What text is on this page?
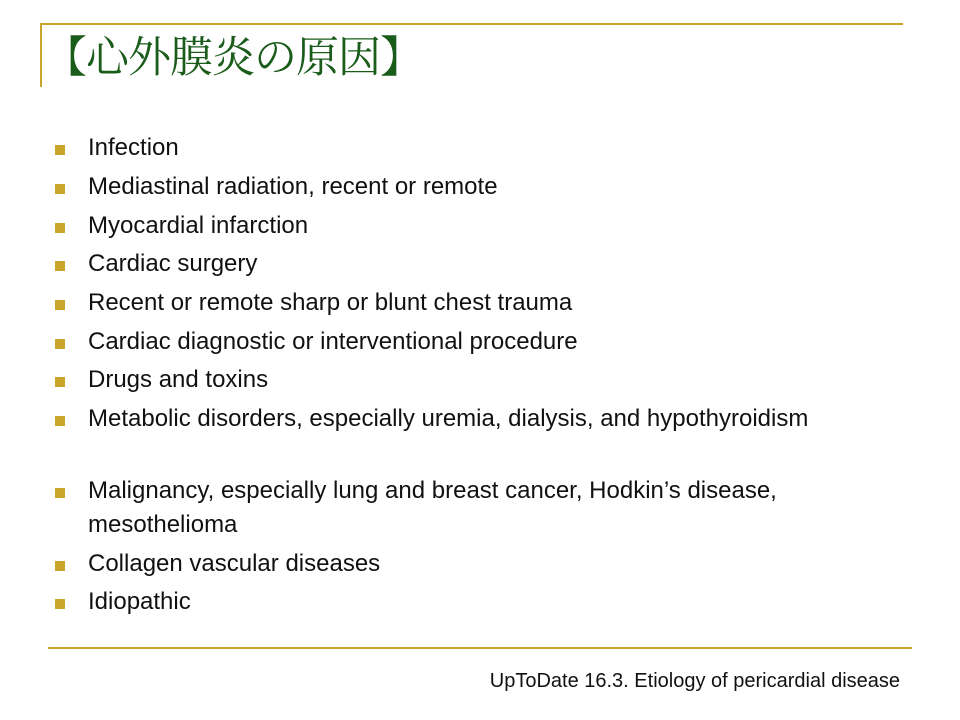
【心外膜炎の原因】
Infection
Mediastinal radiation, recent or remote
Myocardial infarction
Cardiac surgery
Recent or remote sharp or blunt chest trauma
Cardiac diagnostic or interventional procedure
Drugs and toxins
Metabolic disorders, especially uremia, dialysis, and hypothyroidism
Malignancy, especially lung and breast cancer, Hodkin’s disease, mesothelioma
Collagen vascular diseases
Idiopathic
UpToDate 16.3. Etiology of pericardial disease
